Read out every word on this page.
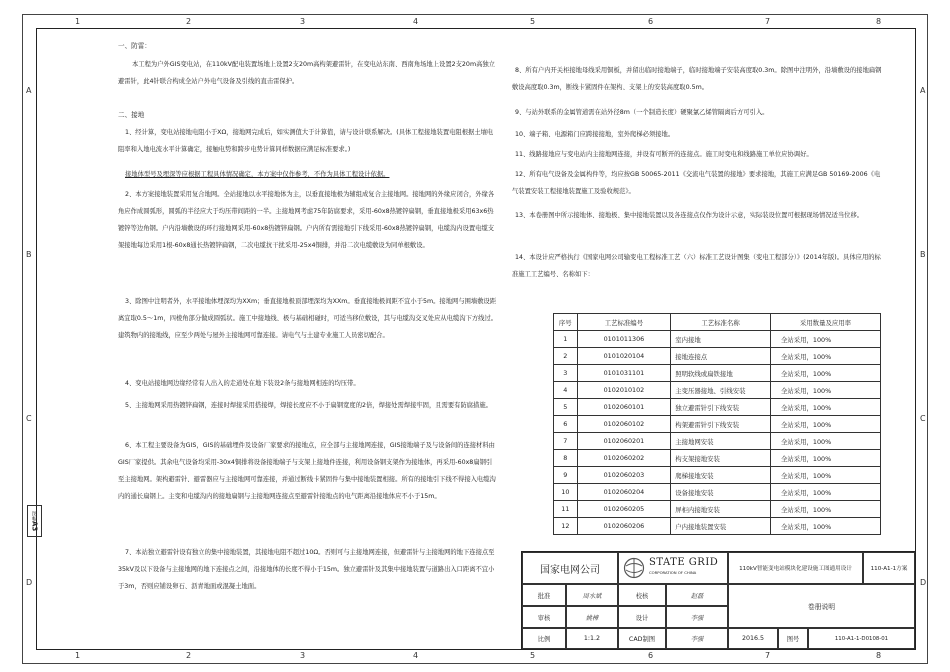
1	2	3	4	5	6	7	8
1	2	3	4	5	6	7	8
A
B
C
D
A
B
C
D
图幅
A3
一、防雷：
本工程为户外GIS变电站，在110kV配电装置场地上设置2支20m高构架避雷针，在变电站东南、西南角场地上设置2支20m高独立避雷针，此4针联合构成全站户外电气设备及引线的直击雷保护。
二、接地
1、经计算，变电站接地电阻小于XΩ，接地网完成后，如实测值大于计算值，请与设计联系解决。(具体工程接地装置电阻根据土壤电阻率和入地电流水平计算确定，接触电势和跨步电势计算同样数据应满足标准要求。)
接地体型号及埋深等应根据工程具体情况确定，本方案中仅作参考，不作为具体工程设计依据。
2、本方案接地装置采用复合地网。全站接地以水平接地体为主，以垂直接地极为辅组成复合主接地网。接地网的外缘应闭合，外缘各角应作成圆弧形，圆弧的半径应大于均压带间距的一半。主接地网考虑75年防腐要求，采用-60x8热镀锌扁钢，垂直接地极采用63x6热镀锌等边角钢。户内沿墙敷设的环行接地网采用-60x8热镀锌扁钢。户内所有需接地引下线采用-60x8热镀锌扁钢，电缆沟内设置电缆支架接地每边采用1根-60x8通长热镀锌扁钢，二次电缆抗干扰采用-25x4铜排，并沿二次电缆敷设为同单根敷设。
3、除图中注明者外，水平接地体埋深均为XXm；垂直接地极顶部埋深均为XXm。垂直接地极间距不宜小于5m。接地网与围墙敷设距离宜取0.5～1m，四棱角部分做成圆弧状。施工中接地线、极与基础相碰时，可适当移位敷设，其与电缆沟交叉处应从电缆沟下方线过。建筑物内的接地线，应至少两处与屋外主接地网可靠连接。请电气与土建专业施工人员密切配合。
4、变电站接地网边缘经常有人出入的走道处在地下装设2条与接地网相连的均压带。
5、主接地网采用热镀锌扁钢，连接时焊接采用搭接焊，焊接长度应不小于扁钢宽度的2倍，焊接处需焊接牢固，且需要有防腐措施。
6、本工程主要设备为GIS，GIS的基础埋件及设备厂家要求的接地点，应全部与主接地网连接，GIS接地端子及与设备间的连接材料由GIS厂家提供。其余电气设备均采用-30x4铜排将设备接地端子与支架上接地件连接，利用设备钢支架作为接地体，再采用-60x8扁钢引至主接地网。架构避雷针、避雷器应与主接地网可靠连接，并通过断线卡紧固件与集中接地装置相接。所有的接地引下线不得接入电缆沟内的通长扁钢上。主变和电缆沟内的接地扁钢与主接地网连接点至避雷针接地点的电气距离沿接地体应不小于15m。
7、本站独立避雷针设有独立的集中接地装置，其接地电阻不超过10Ω。否则可与主接地网连接，但避雷针与主接地网的地下连接点至35kV及以下设备与主接地网的地下连接点之间，沿接地体的长度不得小于15m。独立避雷针及其集中接地装置与道路出入口距离不宜小于3m，否则应铺设卵石、沥青地面或混凝土地面。
8、所有户内开关柜接地母线采用铜板，并留出临时接地端子，临时接地端子安装高度取0.3m。除图中注明外，沿墙敷设的接地扁钢敷设高度取0.3m，断线卡紧固件在架构、支架上的安装高度取0.5m。
9、与站外联系的金属管道需在站外径8m（一个制造长度）硬聚氯乙烯管隔离后方可引入。
10、端子箱、电源箱门应跨接接地，室外爬梯必须接地。
11、线路接地应与变电站内主接地网连接，并设有可断开的连接点。施工时变电和线路施工单位应协调好。
12、所有电气设备及金属构件等，均应按GB 50065-2011《交流电气装置的接地》要求接地，其施工应满足GB 50169-2006《电气装置安装工程接地装置施工及验收规范》。
13、本卷册图中所示接地体、接地极、集中接地装置以及各连接点仅作为设计示意，实际装设位置可根据现场情况适当位移。
14、本设计应严格执行《国家电网公司输变电工程标准工艺（六）标准工艺设计图集（变电工程部分）》(2014年版)。具体应用的标准施工工艺编号、名称如下：
序号	工艺标准编号	工艺标准名称	采用数量及应用率
1	0101011306	室内接地	全站采用，100%
2	0101020104	接地连接点	全站采用，100%
3	0101031101	照明软线或扁铁接地	全站采用，100%
4	0102010102	主变压器接地、引线安装	全站采用，100%
5	0102060101	独立避雷针引下线安装	全站采用，100%
6	0102060102	构架避雷针引下线安装	全站采用，100%
7	0102060201	主接地网安装	全站采用，100%
8	0102060202	构支架接地安装	全站采用，100%
9	0102060203	爬梯接地安装	全站采用，100%
10	0102060204	设备接地安装	全站采用，100%
11	0102060205	屏柜内接地安装	全站采用，100%
12	0102060206	户内接地装置安装	全站采用，100%
国家电网公司
STATE GRID
CORPORATION OF CHINA
110kV智能变电站模块化建设施工图通用设计	110-A1-1方案
批准	周水斌	校核	赵磊
审核	姚樟	设计	李强
卷册说明
比例	1:1.2	CAD制图	李强	2016.5	图号	110-A1-1-D0108-01
